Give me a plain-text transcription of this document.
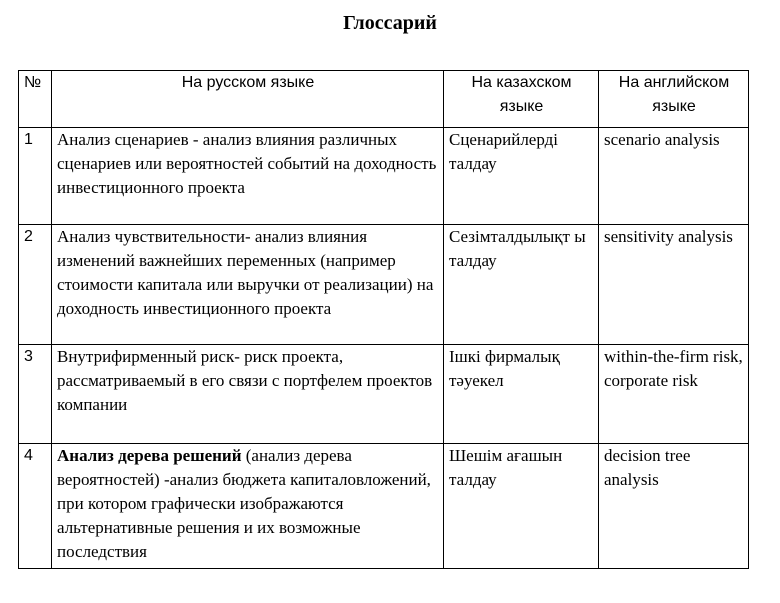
Глоссарий
№	На русском языке	На казахском языке	На английском языке
1	Анализ сценариев - анализ влияния различных сценариев или вероятностей событий на доходность инвестиционного проекта	Сценарийлерді талдау	scenario analysis
2	Анализ чувствительности- анализ влияния изменений важнейших переменных (например стоимости капитала или выручки от реализации) на доходность инвестиционного проекта	Сезімталдылықт ы талдау	sensitivity analysis
3	Внутрифирменный риск- риск проекта, рассматриваемый в его связи с портфелем проектов компании	Ішкі фирмалық тәуекел	within-the-firm risk, corporate risk
4	Анализ дерева решений (анализ дерева вероятностей) -анализ бюджета капиталовложений, при котором графически изображаются альтернативные решения и их возможные последствия	Шешім ағашын талдау	decision tree analysis
